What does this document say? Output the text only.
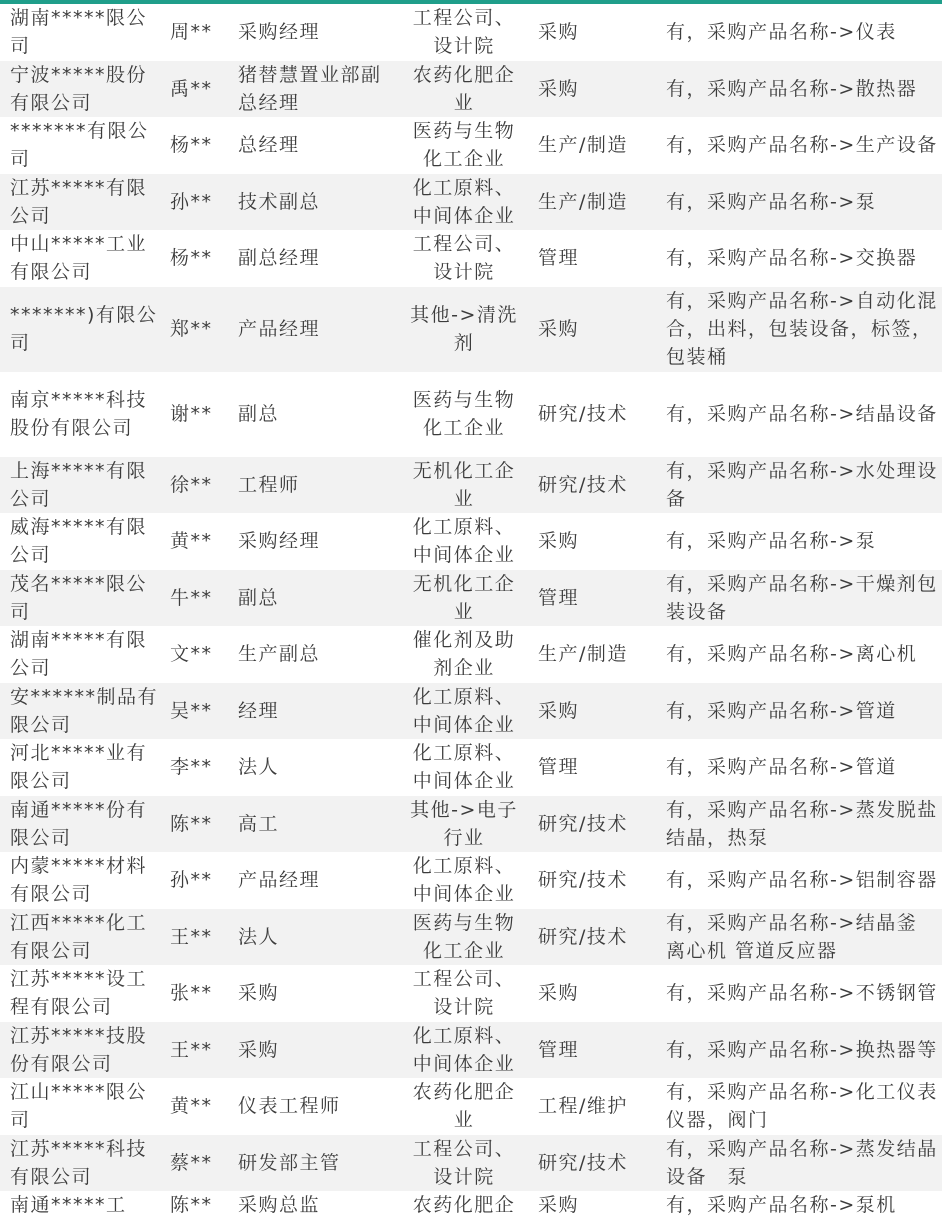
湖南*****限公司	周**	采购经理	工程公司、设计院	采购	有，采购产品名称->仪表
宁波*****股份有限公司	禹**	猪替慧置业部副总经理	农药化肥企业	采购	有，采购产品名称->散热器
*******有限公司	杨**	总经理	医药与生物化工企业	生产/制造	有，采购产品名称->生产设备
江苏*****有限公司	孙**	技术副总	化工原料、中间体企业	生产/制造	有，采购产品名称->泵
中山*****工业有限公司	杨**	副总经理	工程公司、设计院	管理	有，采购产品名称->交换器
*******)有限公司	郑**	产品经理	其他->清洗剂	采购	有，采购产品名称->自动化混合，出料，包装设备，标签，包装桶
南京*****科技股份有限公司	谢**	副总	医药与生物化工企业	研究/技术	有，采购产品名称->结晶设备
上海*****有限公司	徐**	工程师	无机化工企业	研究/技术	有，采购产品名称->水处理设备
威海*****有限公司	黄**	采购经理	化工原料、中间体企业	采购	有，采购产品名称->泵
茂名*****限公司	牛**	副总	无机化工企业	管理	有，采购产品名称->干燥剂包装设备
湖南*****有限公司	文**	生产副总	催化剂及助剂企业	生产/制造	有，采购产品名称->离心机
安******制品有限公司	吴**	经理	化工原料、中间体企业	采购	有，采购产品名称->管道
河北*****业有限公司	李**	法人	化工原料、中间体企业	管理	有，采购产品名称->管道
南通*****份有限公司	陈**	高工	其他->电子行业	研究/技术	有，采购产品名称->蒸发脱盐结晶，热泵
内蒙*****材料有限公司	孙**	产品经理	化工原料、中间体企业	研究/技术	有，采购产品名称->铝制容器
江西*****化工有限公司	王**	法人	医药与生物化工企业	研究/技术	有，采购产品名称->结晶釜 离心机 管道反应器
江苏*****设工程有限公司	张**	采购	工程公司、设计院	采购	有，采购产品名称->不锈钢管
江苏*****技股份有限公司	王**	采购	化工原料、中间体企业	管理	有，采购产品名称->换热器等
江山*****限公司	黄**	仪表工程师	农药化肥企业	工程/维护	有，采购产品名称->化工仪表仪器，阀门
江苏*****科技有限公司	蔡**	研发部主管	工程公司、设计院	研究/技术	有，采购产品名称->蒸发结晶设备　泵
南通*****工	陈**	采购总监	农药化肥企	采购	有，采购产品名称->泵机
